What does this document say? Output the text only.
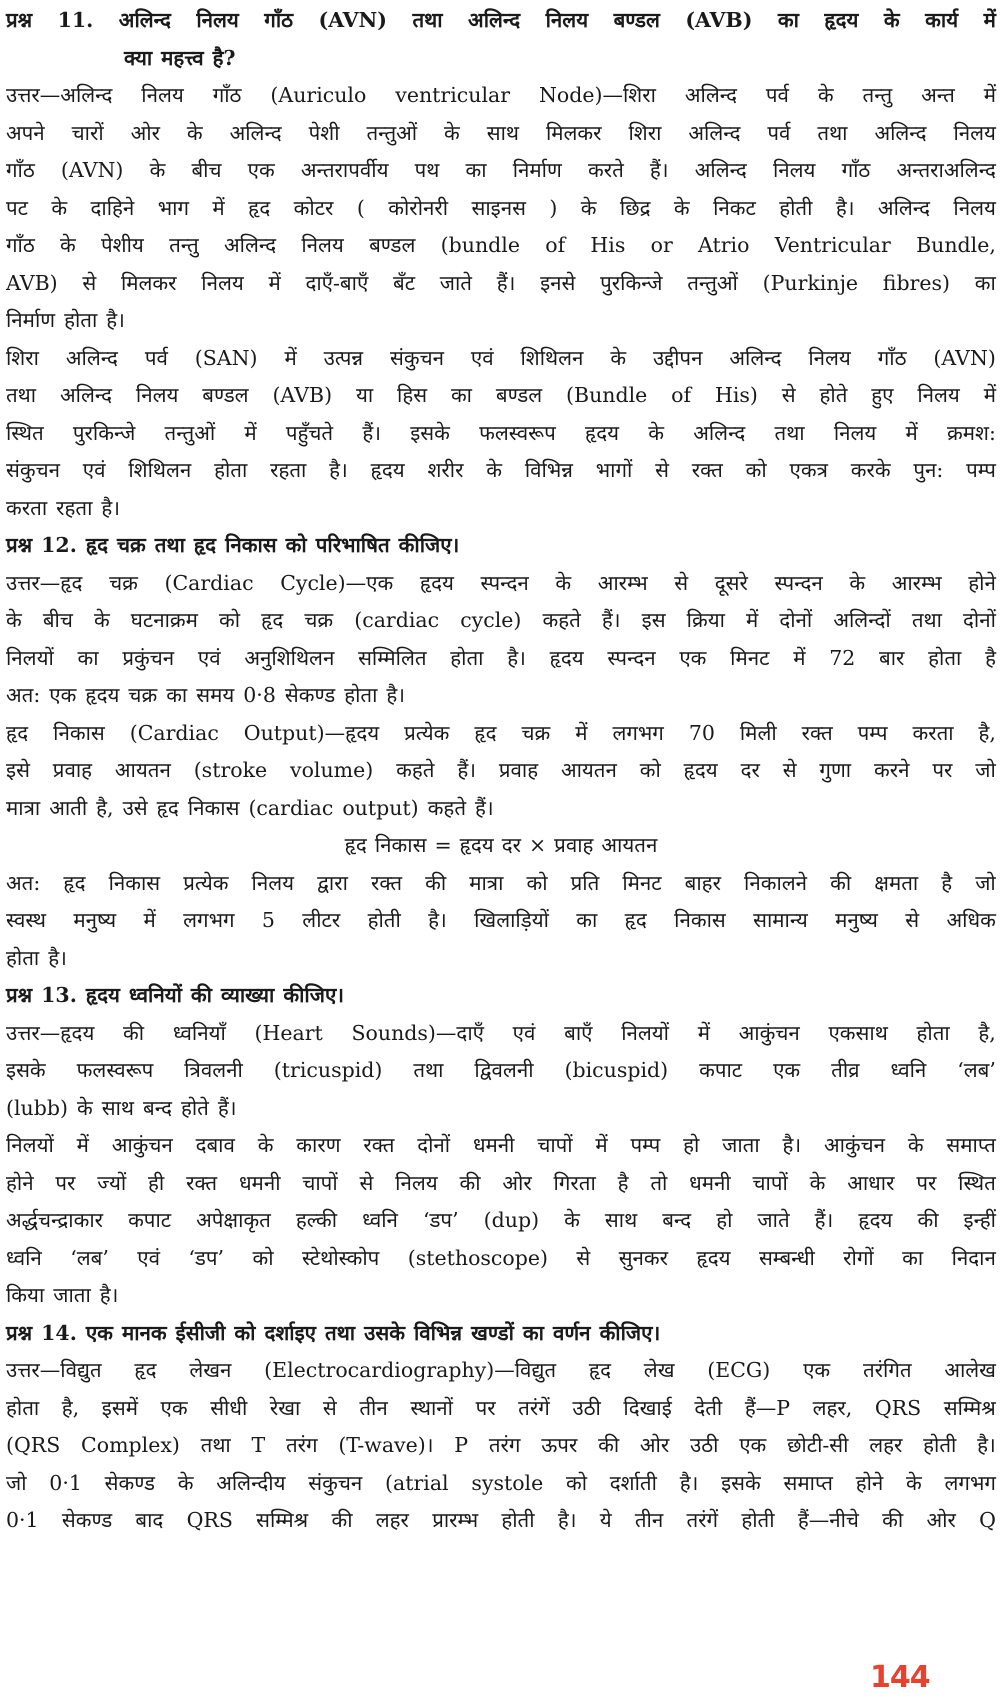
प्रश्न 11. अलिन्द निलय गाँठ (AVN) तथा अलिन्द निलय बण्डल (AVB) का हृदय के कार्य में
क्या महत्त्व है?
उत्तर—अलिन्द निलय गाँठ (Auriculo ventricular Node)—शिरा अलिन्द पर्व के तन्तु अन्त में
अपने चारों ओर के अलिन्द पेशी तन्तुओं के साथ मिलकर शिरा अलिन्द पर्व तथा अलिन्द निलय
गाँठ (AVN) के बीच एक अन्तरापर्वीय पथ का निर्माण करते हैं। अलिन्द निलय गाँठ अन्तराअलिन्द
पट के दाहिने भाग में हृद कोटर ( कोरोनरी साइनस ) के छिद्र के निकट होती है। अलिन्द निलय
गाँठ के पेशीय तन्तु अलिन्द निलय बण्डल (bundle of His or Atrio Ventricular Bundle,
AVB) से मिलकर निलय में दाएँ-बाएँ बँट जाते हैं। इनसे पुरकिन्जे तन्तुओं (Purkinje fibres) का
निर्माण होता है।
शिरा अलिन्द पर्व (SAN) में उत्पन्न संकुचन एवं शिथिलन के उद्दीपन अलिन्द निलय गाँठ (AVN)
तथा अलिन्द निलय बण्डल (AVB) या हिस का बण्डल (Bundle of His) से होते हुए निलय में
स्थित पुरकिन्जे तन्तुओं में पहुँचते हैं। इसके फलस्वरूप हृदय के अलिन्द तथा निलय में क्रमश:
संकुचन एवं शिथिलन होता रहता है। हृदय शरीर के विभिन्न भागों से रक्त को एकत्र करके पुन: पम्प
करता रहता है।
प्रश्न 12. हृद चक्र तथा हृद निकास को परिभाषित कीजिए।
उत्तर—हृद चक्र (Cardiac Cycle)—एक हृदय स्पन्दन के आरम्भ से दूसरे स्पन्दन के आरम्भ होने
के बीच के घटनाक्रम को हृद चक्र (cardiac cycle) कहते हैं। इस क्रिया में दोनों अलिन्दों तथा दोनों
निलयों का प्रकुंचन एवं अनुशिथिलन सम्मिलित होता है। हृदय स्पन्दन एक मिनट में 72 बार होता है
अत: एक हृदय चक्र का समय 0·8 सेकण्ड होता है।
हृद निकास (Cardiac Output)—हृदय प्रत्येक हृद चक्र में लगभग 70 मिली रक्त पम्प करता है,
इसे प्रवाह आयतन (stroke volume) कहते हैं। प्रवाह आयतन को हृदय दर से गुणा करने पर जो
मात्रा आती है, उसे हृद निकास (cardiac output) कहते हैं।
हृद निकास = हृदय दर × प्रवाह आयतन
अत: हृद निकास प्रत्येक निलय द्वारा रक्त की मात्रा को प्रति मिनट बाहर निकालने की क्षमता है जो
स्वस्थ मनुष्य में लगभग 5 लीटर होती है। खिलाड़ियों का हृद निकास सामान्य मनुष्य से अधिक
होता है।
प्रश्न 13. हृदय ध्वनियों की व्याख्या कीजिए।
उत्तर—हृदय की ध्वनियाँ (Heart Sounds)—दाएँ एवं बाएँ निलयों में आकुंचन एकसाथ होता है,
इसके फलस्वरूप त्रिवलनी (tricuspid) तथा द्विवलनी (bicuspid) कपाट एक तीव्र ध्वनि ‘लब’
(lubb) के साथ बन्द होते हैं।
निलयों में आकुंचन दबाव के कारण रक्त दोनों धमनी चापों में पम्प हो जाता है। आकुंचन के समाप्त
होने पर ज्यों ही रक्त धमनी चापों से निलय की ओर गिरता है तो धमनी चापों के आधार पर स्थित
अर्द्धचन्द्राकार कपाट अपेक्षाकृत हल्की ध्वनि ‘डप’ (dup) के साथ बन्द हो जाते हैं। हृदय की इन्हीं
ध्वनि ‘लब’ एवं ‘डप’ को स्टेथोस्कोप (stethoscope) से सुनकर हृदय सम्बन्धी रोगों का निदान
किया जाता है।
प्रश्न 14. एक मानक ईसीजी को दर्शाइए तथा उसके विभिन्न खण्डों का वर्णन कीजिए।
उत्तर—विद्युत हृद लेखन (Electrocardiography)—विद्युत हृद लेख (ECG) एक तरंगित आलेख
होता है, इसमें एक सीधी रेखा से तीन स्थानों पर तरंगें उठी दिखाई देती हैं—P लहर, QRS सम्मिश्र
(QRS Complex) तथा T तरंग (T-wave)। P तरंग ऊपर की ओर उठी एक छोटी-सी लहर होती है।
जो 0·1 सेकण्ड के अलिन्दीय संकुचन (atrial systole को दर्शाती है। इसके समाप्त होने के लगभग
0·1 सेकण्ड बाद QRS सम्मिश्र की लहर प्रारम्भ होती है। ये तीन तरंगें होती हैं—नीचे की ओर Q
144
